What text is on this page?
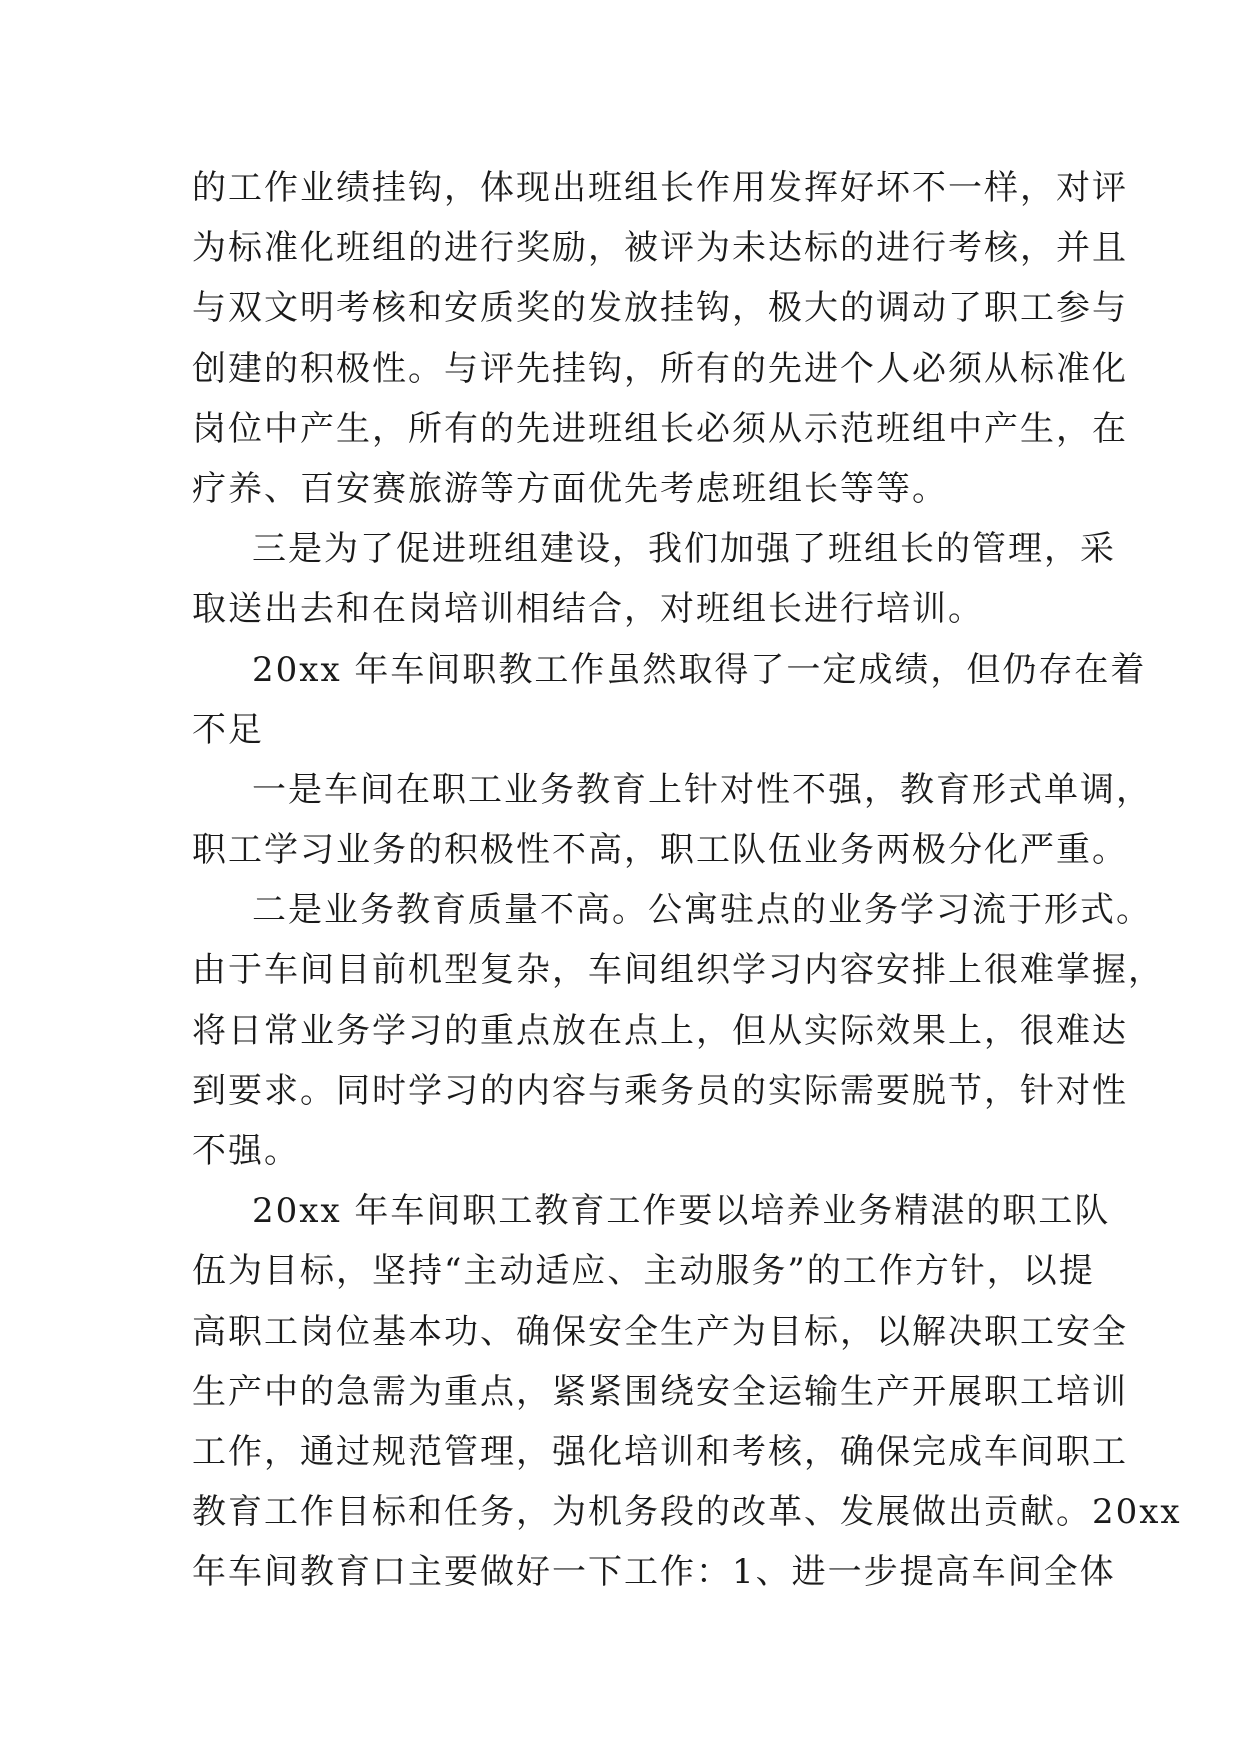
的工作业绩挂钩，体现出班组长作用发挥好坏不一样，对评
为标准化班组的进行奖励，被评为未达标的进行考核，并且
与双文明考核和安质奖的发放挂钩，极大的调动了职工参与
创建的积极性。与评先挂钩，所有的先进个人必须从标准化
岗位中产生，所有的先进班组长必须从示范班组中产生，在
疗养、百安赛旅游等方面优先考虑班组长等等。
三是为了促进班组建设，我们加强了班组长的管理，采
取送出去和在岗培训相结合，对班组长进行培训。
20xx 年车间职教工作虽然取得了一定成绩，但仍存在着
不足
一是车间在职工业务教育上针对性不强，教育形式单调，
职工学习业务的积极性不高，职工队伍业务两极分化严重。
二是业务教育质量不高。公寓驻点的业务学习流于形式。
由于车间目前机型复杂，车间组织学习内容安排上很难掌握，
将日常业务学习的重点放在点上，但从实际效果上，很难达
到要求。同时学习的内容与乘务员的实际需要脱节，针对性
不强。
20xx 年车间职工教育工作要以培养业务精湛的职工队
伍为目标，坚持“主动适应、主动服务”的工作方针，以提
高职工岗位基本功、确保安全生产为目标，以解决职工安全
生产中的急需为重点，紧紧围绕安全运输生产开展职工培训
工作，通过规范管理，强化培训和考核，确保完成车间职工
教育工作目标和任务，为机务段的改革、发展做出贡献。20xx
年车间教育口主要做好一下工作：1、进一步提高车间全体
